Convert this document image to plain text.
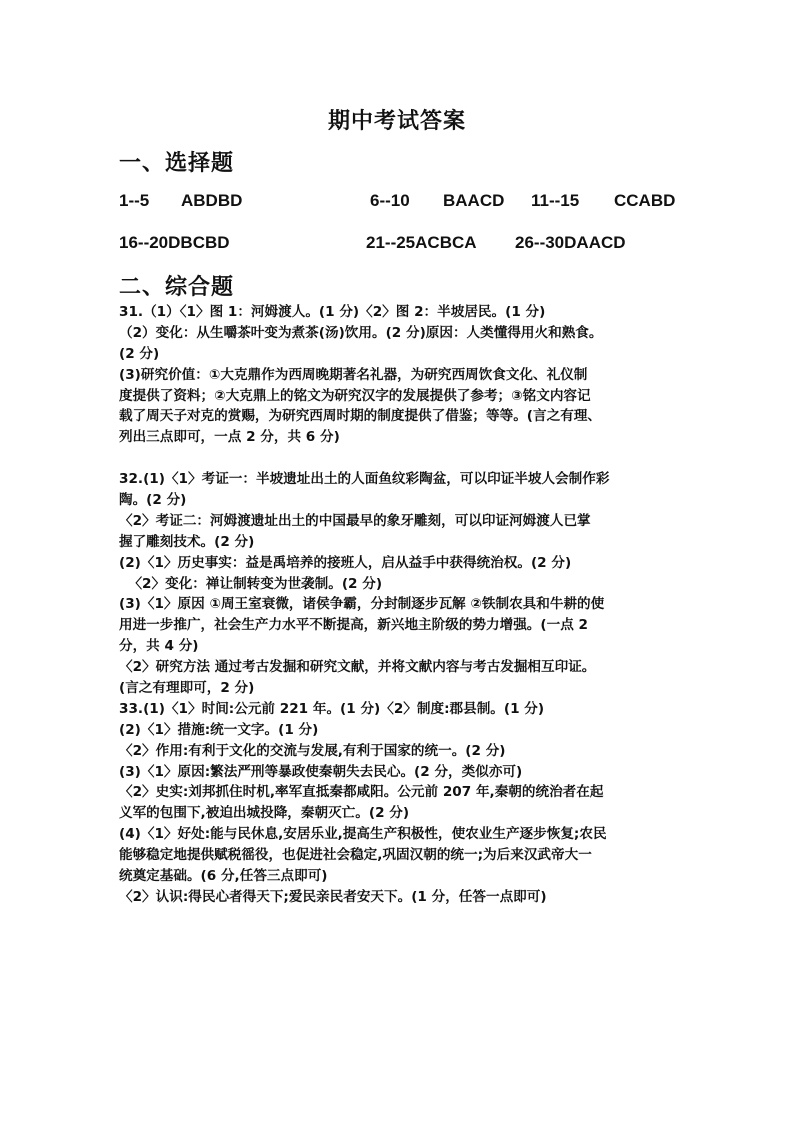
期中考试答案
一、选择题
1--5 ABDBD	6--10 BAACD 11--15 CCABD
16--20DBCBD	21--25ACBCA 26--30DAACD
二、综合题
31.（1）〈1〉图 1：河姆渡人。(1 分)〈2〉图 2：半坡居民。(1 分)
（2）变化：从生嚼茶叶变为煮茶(汤)饮用。(2 分)原因：人类懂得用火和熟食。
(2 分)
(3)研究价值：①大克鼎作为西周晚期著名礼器，为研究西周饮食文化、礼仪制
度提供了资料；②大克鼎上的铭文为研究汉字的发展提供了参考；③铭文内容记
载了周天子对克的赏赐，为研究西周时期的制度提供了借鉴；等等。(言之有理、
列出三点即可，一点 2 分，共 6 分)
32.(1)〈1〉考证一：半坡遗址出土的人面鱼纹彩陶盆，可以印证半坡人会制作彩
陶。(2 分)
〈2〉考证二：河姆渡遗址出土的中国最早的象牙雕刻，可以印证河姆渡人已掌
握了雕刻技术。(2 分)
(2)〈1〉历史事实：益是禹培养的接班人，启从益手中获得统治权。(2 分)
〈2〉变化：禅让制转变为世袭制。(2 分)
(3)〈1〉原因 ①周王室衰微，诸侯争霸，分封制逐步瓦解 ②铁制农具和牛耕的使
用进一步推广，社会生产力水平不断提高，新兴地主阶级的势力增强。(一点 2
分，共 4 分)
〈2〉研究方法 通过考古发掘和研究文献，并将文献内容与考古发掘相互印证。
(言之有理即可，2 分)
33.(1)〈1〉时间:公元前 221 年。(1 分)〈2〉制度:郡县制。(1 分)
(2)〈1〉措施:统一文字。(1 分)
〈2〉作用:有利于文化的交流与发展,有利于国家的统一。(2 分)
(3)〈1〉原因:繁法严刑等暴政使秦朝失去民心。(2 分，类似亦可)
〈2〉史实:刘邦抓住时机,率军直抵秦都咸阳。公元前 207 年,秦朝的统治者在起
义军的包围下,被迫出城投降，秦朝灭亡。(2 分)
(4)〈1〉好处:能与民休息,安居乐业,提高生产积极性，使农业生产逐步恢复;农民
能够稳定地提供赋税徭役，也促进社会稳定,巩固汉朝的统一;为后来汉武帝大一
统奠定基础。(6 分,任答三点即可)
〈2〉认识:得民心者得天下;爱民亲民者安天下。(1 分，任答一点即可)
